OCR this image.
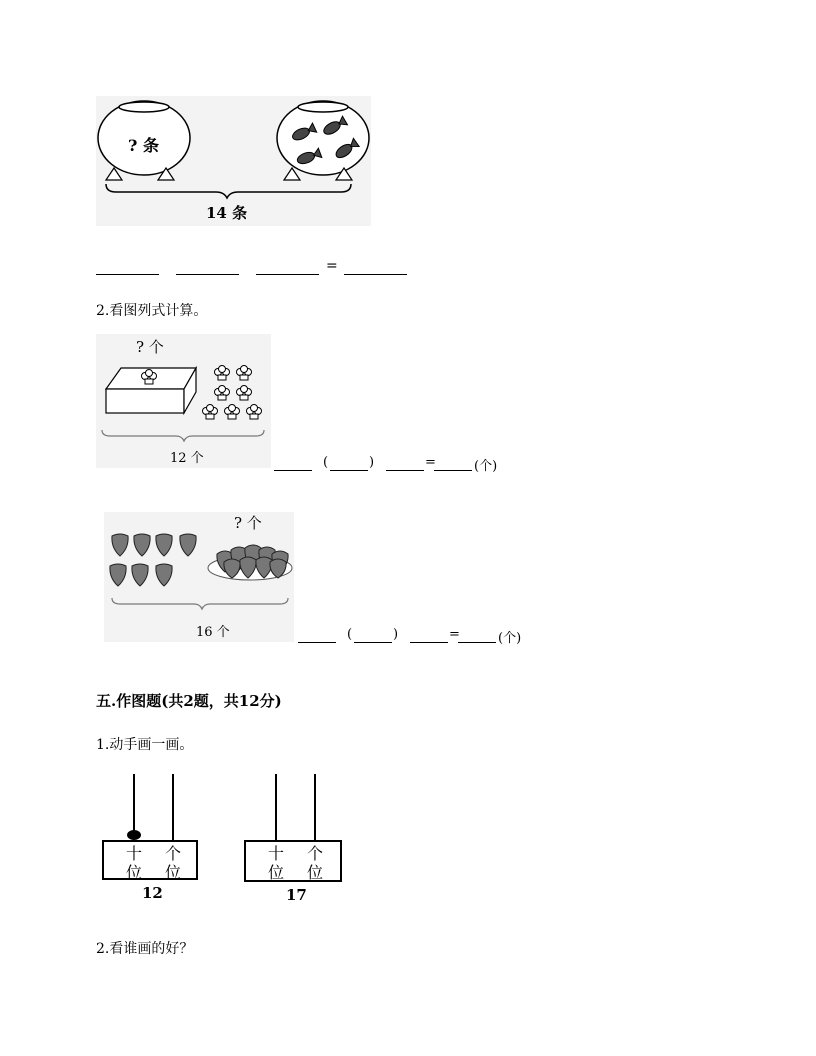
? 条
14 条
=
2.看图列式计算。
? 个
12 个	(	)	=	(个)
? 个
16 个	(	)	=	(个)
五.作图题(共2题，共12分)
1.动手画一画。
十
位
个
位
12
十
位
个
位
17
2.看谁画的好？
